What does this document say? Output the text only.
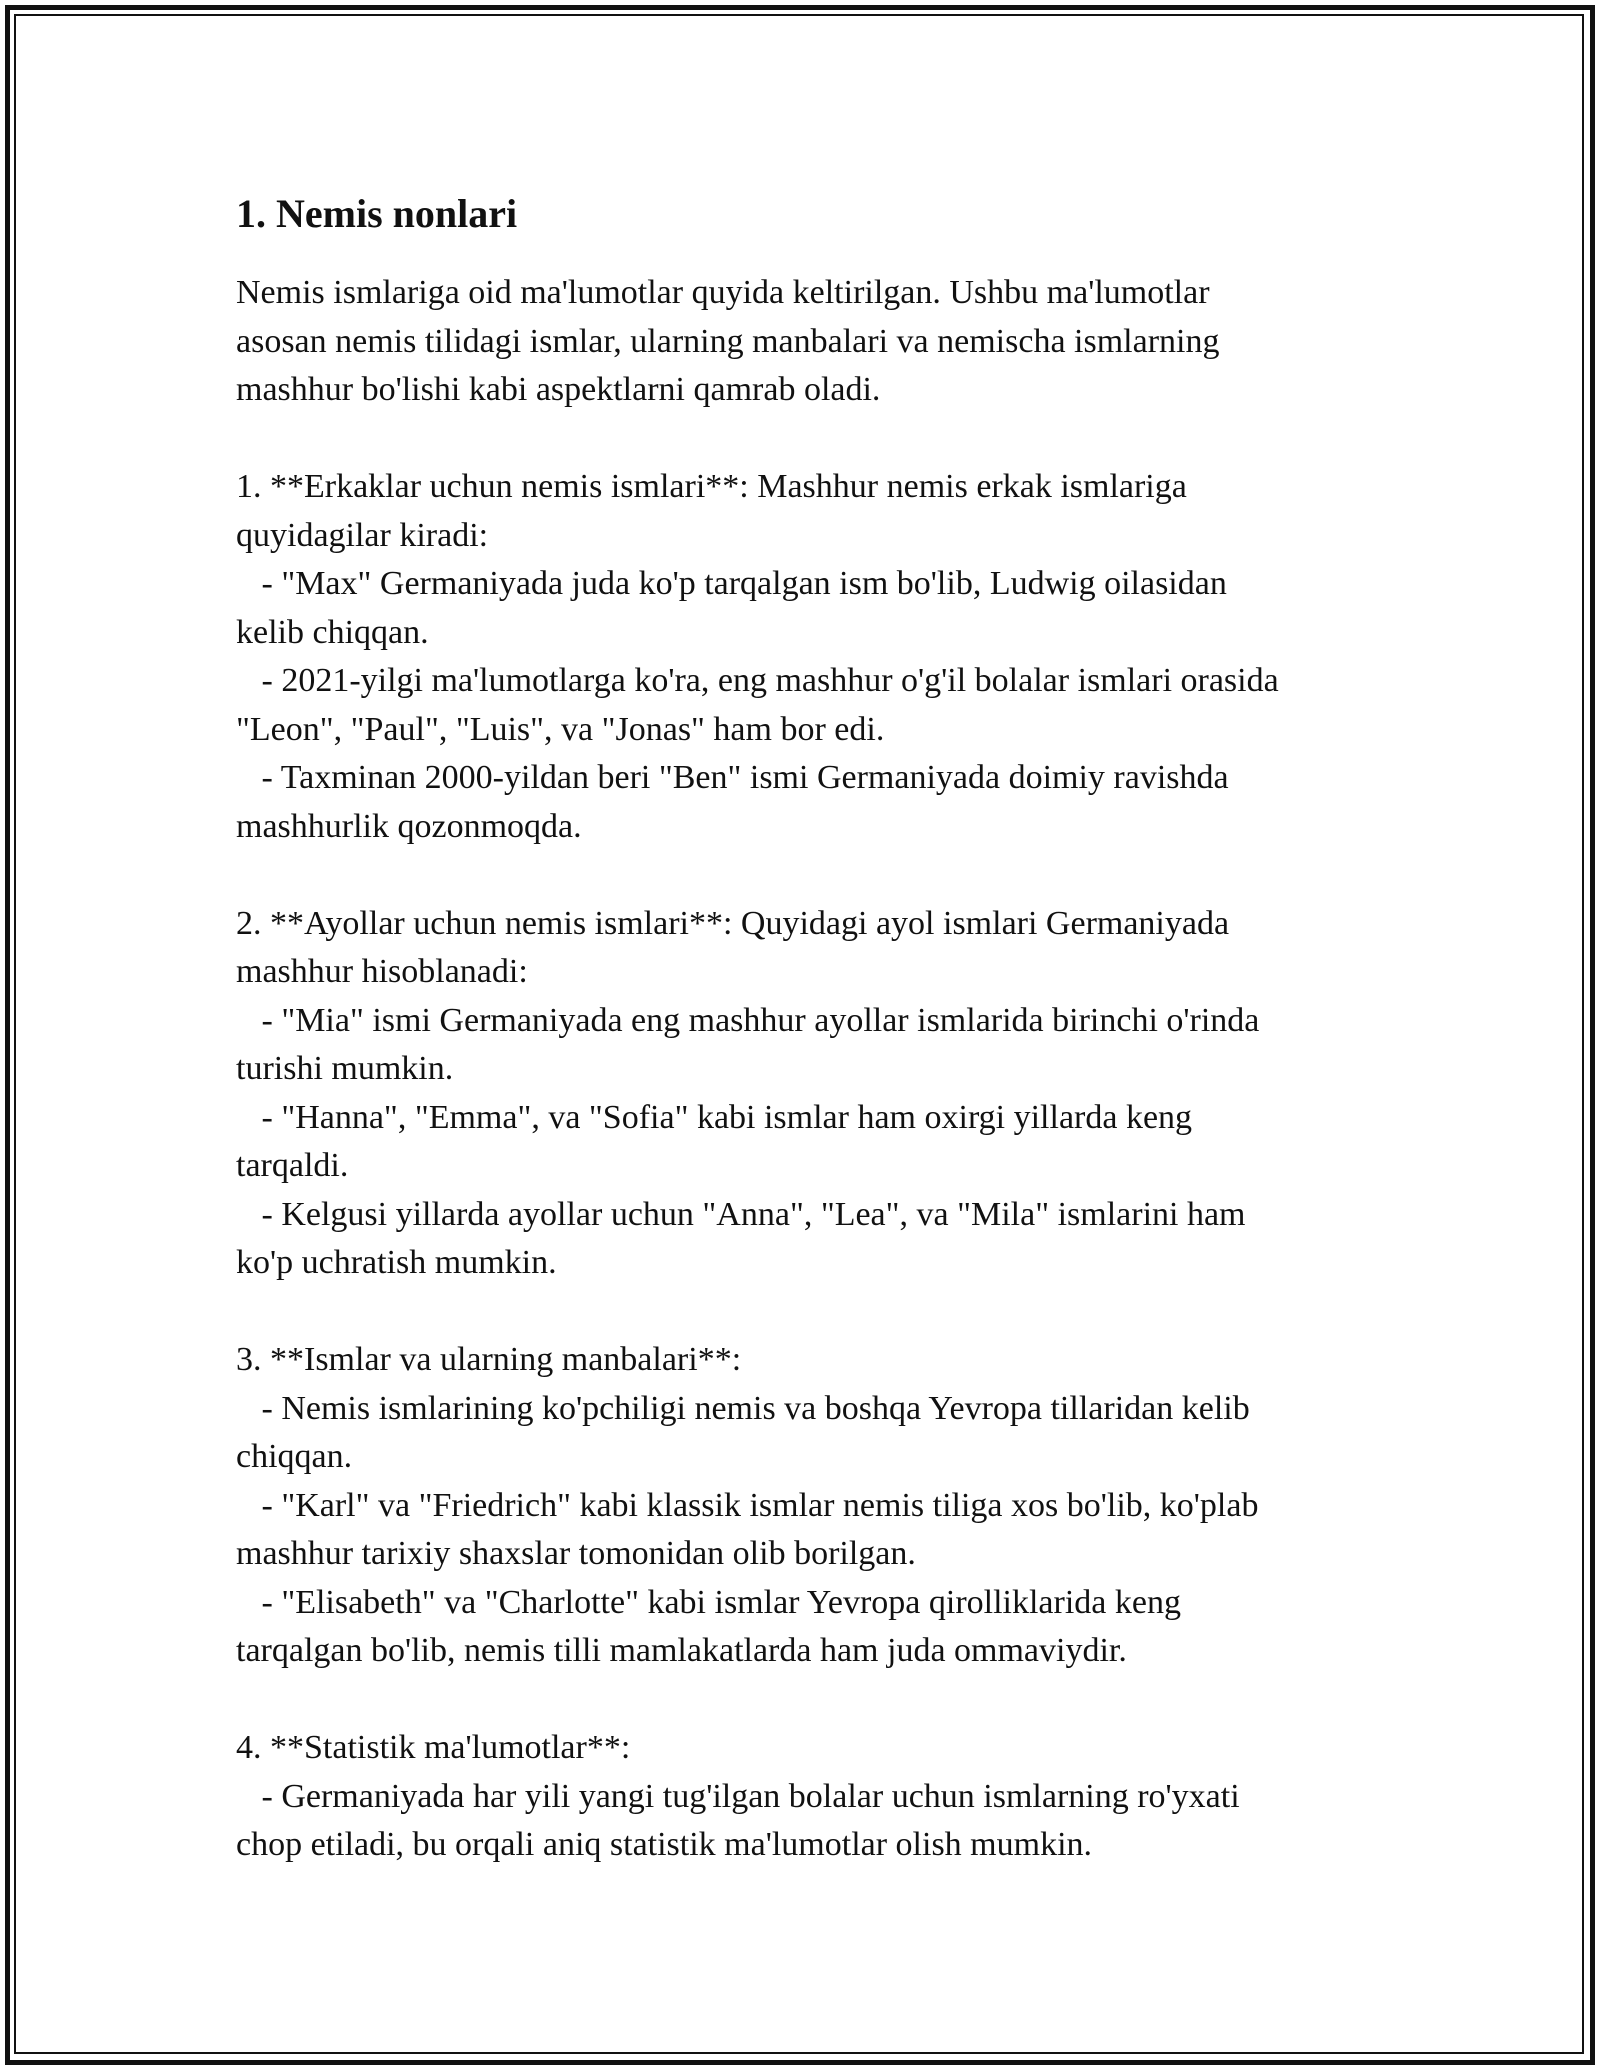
1. Nemis nonlari

Nemis ismlariga oid ma'lumotlar quyida keltirilgan. Ushbu ma'lumotlar
asosan nemis tilidagi ismlar, ularning manbalari va nemischa ismlarning
mashhur bo'lishi kabi aspektlarni qamrab oladi.

1. **Erkaklar uchun nemis ismlari**: Mashhur nemis erkak ismlariga
quyidagilar kiradi:
- "Max" Germaniyada juda ko'p tarqalgan ism bo'lib, Ludwig oilasidan
kelib chiqqan.
- 2021-yilgi ma'lumotlarga ko'ra, eng mashhur o'g'il bolalar ismlari orasida
"Leon", "Paul", "Luis", va "Jonas" ham bor edi.
- Taxminan 2000-yildan beri "Ben" ismi Germaniyada doimiy ravishda
mashhurlik qozonmoqda.

2. **Ayollar uchun nemis ismlari**: Quyidagi ayol ismlari Germaniyada
mashhur hisoblanadi:
- "Mia" ismi Germaniyada eng mashhur ayollar ismlarida birinchi o'rinda
turishi mumkin.
- "Hanna", "Emma", va "Sofia" kabi ismlar ham oxirgi yillarda keng
tarqaldi.
- Kelgusi yillarda ayollar uchun "Anna", "Lea", va "Mila" ismlarini ham
ko'p uchratish mumkin.

3. **Ismlar va ularning manbalari**:
- Nemis ismlarining ko'pchiligi nemis va boshqa Yevropa tillaridan kelib
chiqqan.
- "Karl" va "Friedrich" kabi klassik ismlar nemis tiliga xos bo'lib, ko'plab
mashhur tarixiy shaxslar tomonidan olib borilgan.
- "Elisabeth" va "Charlotte" kabi ismlar Yevropa qirolliklarida keng
tarqalgan bo'lib, nemis tilli mamlakatlarda ham juda ommaviydir.

4. **Statistik ma'lumotlar**:
- Germaniyada har yili yangi tug'ilgan bolalar uchun ismlarning ro'yxati
chop etiladi, bu orqali aniq statistik ma'lumotlar olish mumkin.
